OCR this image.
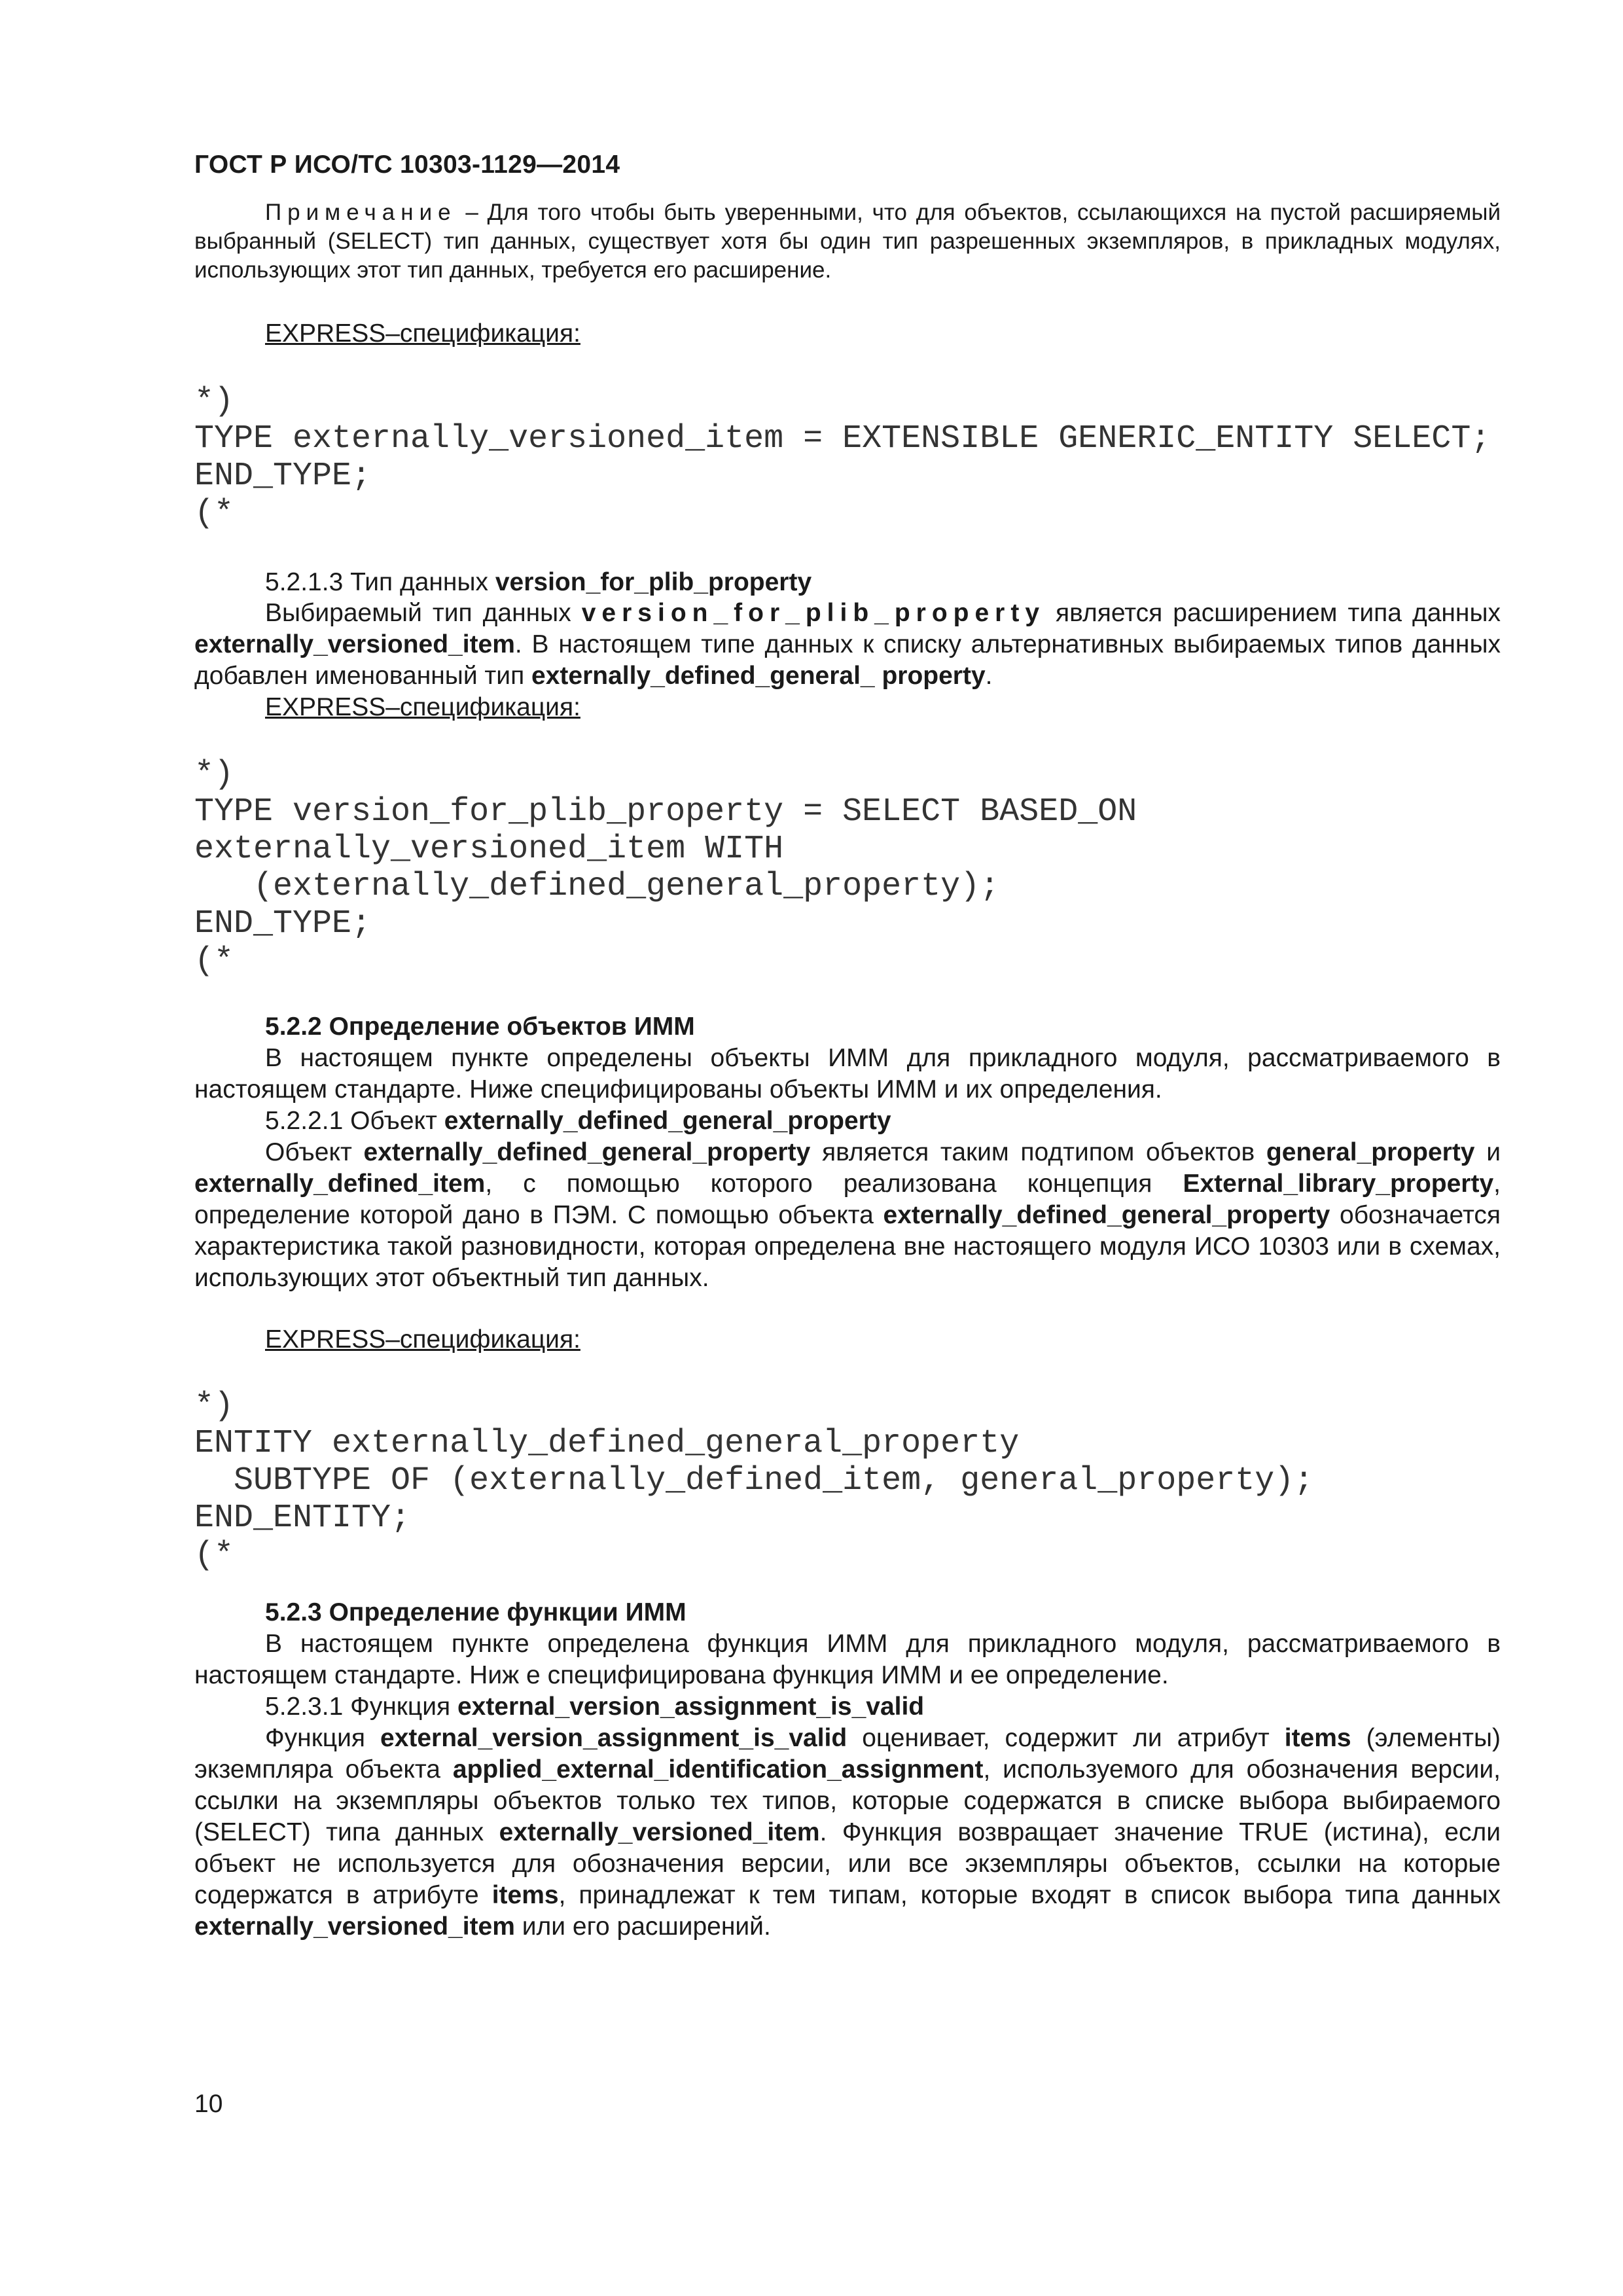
ГОСТ Р ИСО/ТС 10303-1129—2014
Примечание – Для того чтобы быть уверенными, что для объектов, ссылающихся на пустой расширяемый выбранный (SELECT) тип данных, существует хотя бы один тип разрешенных экземпляров, в прикладных модулях, использующих этот тип данных, требуется его расширение.
EXPRESS–спецификация:
*)
TYPE externally_versioned_item = EXTENSIBLE GENERIC_ENTITY SELECT;
END_TYPE;
(*
5.2.1.3 Тип данных version_for_plib_property
Выбираемый тип данных version_for_plib_property является расширением типа данных externally_versioned_item. В настоящем типе данных к списку альтернативных выбираемых типов данных добавлен именованный тип externally_defined_general_ property.
EXPRESS–спецификация:
*)
TYPE version_for_plib_property = SELECT BASED_ON
externally_versioned_item WITH
(externally_defined_general_property);
END_TYPE;
(*
5.2.2 Определение объектов ИММ
В настоящем пункте определены объекты ИММ для прикладного модуля, рассматриваемого в настоящем стандарте. Ниже специфицированы объекты ИММ и их определения.
5.2.2.1 Объект externally_defined_general_property
Объект externally_defined_general_property является таким подтипом объектов general_property и externally_defined_item, с помощью которого реализована концепция External_library_property, определение которой дано в ПЭМ. С помощью объекта externally_defined_general_property обозначается характеристика такой разновидности, которая определена вне настоящего модуля ИСО 10303 или в схемах, использующих этот объектный тип данных.
EXPRESS–спецификация:
*)
ENTITY externally_defined_general_property
SUBTYPE OF (externally_defined_item, general_property);
END_ENTITY;
(*
5.2.3 Определение функции ИММ
В настоящем пункте определена функция ИММ для прикладного модуля, рассматриваемого в настоящем стандарте. Ниж е специфицирована функция ИММ и ее определение.
5.2.3.1 Функция external_version_assignment_is_valid
Функция external_version_assignment_is_valid оценивает, содержит ли атрибут items (элементы) экземпляра объекта applied_external_identification_assignment, используемого для обозначения версии, ссылки на экземпляры объектов только тех типов, которые содержатся в списке выбора выбираемого (SELECT) типа данных externally_versioned_item. Функция возвращает значение TRUE (истина), если объект не используется для обозначения версии, или все экземпляры объектов, ссылки на которые содержатся в атрибуте items, принадлежат к тем типам, которые входят в список выбора типа данных externally_versioned_item или его расширений.
10
